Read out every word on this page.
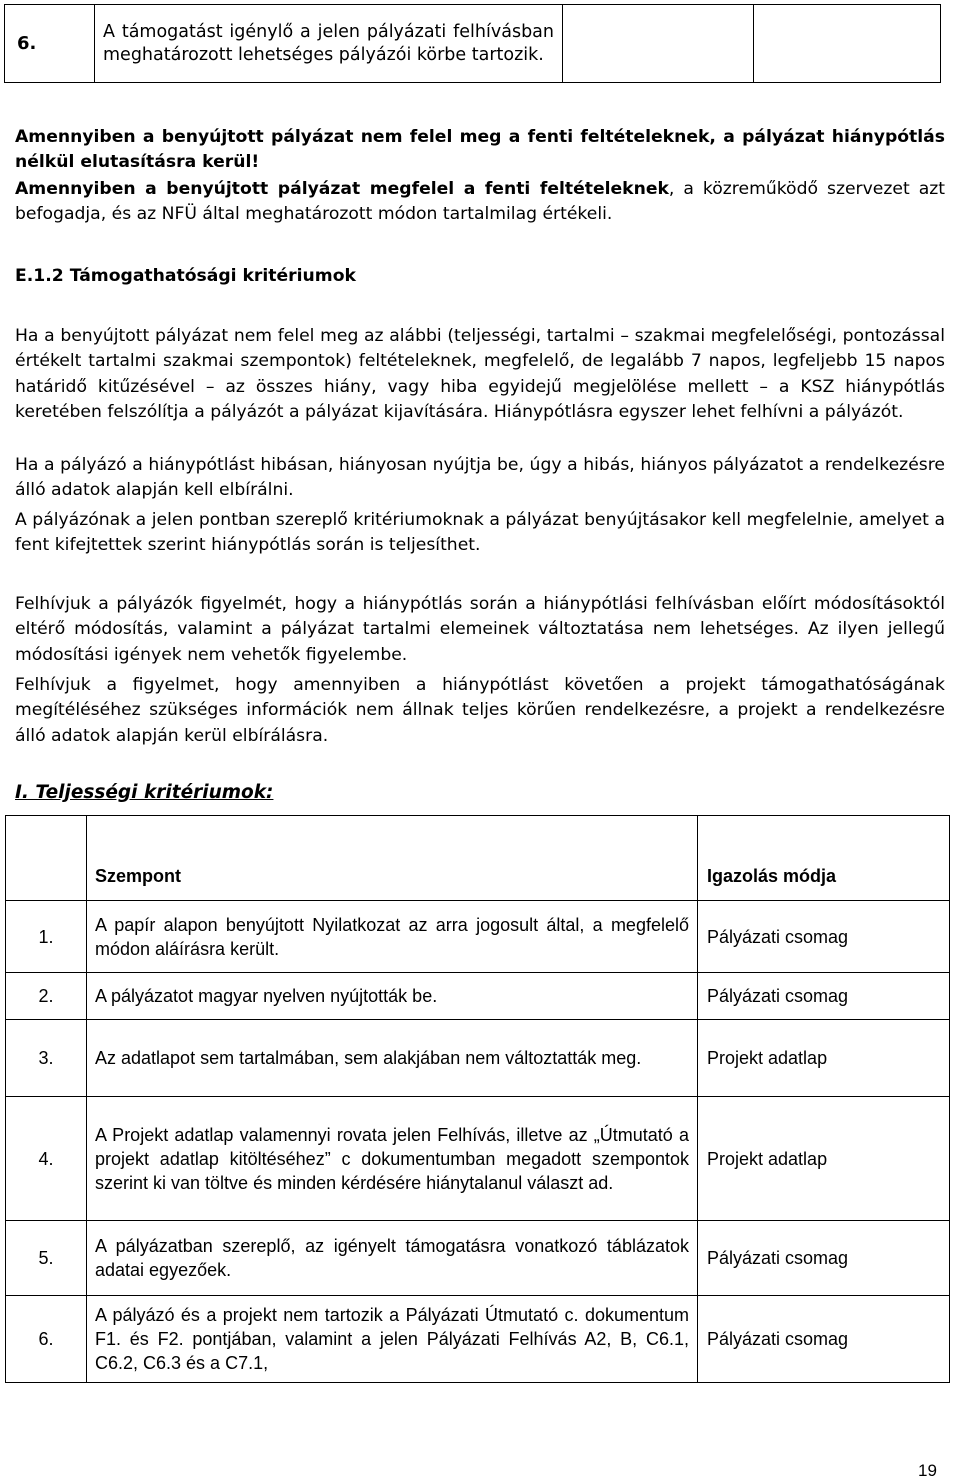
6.	A támogatást igénylő a jelen pályázati felhívásban meghatározott lehetséges pályázói körbe tartozik.		

Amennyiben a benyújtott pályázat nem felel meg a fenti feltételeknek, a pályázat hiánypótlás nélkül elutasításra kerül!

Amennyiben a benyújtott pályázat megfelel a fenti feltételeknek, a közreműködő szervezet azt befogadja, és az NFÜ által meghatározott módon tartalmilag értékeli.

E.1.2 Támogathatósági kritériumok

Ha a benyújtott pályázat nem felel meg az alábbi (teljességi, tartalmi – szakmai megfelelőségi, pontozással értékelt tartalmi szakmai szempontok) feltételeknek, megfelelő, de legalább 7 napos, legfeljebb 15 napos határidő kitűzésével – az összes hiány, vagy hiba egyidejű megjelölése mellett – a KSZ hiánypótlás keretében felszólítja a pályázót a pályázat kijavítására. Hiánypótlásra egyszer lehet felhívni a pályázót.

Ha a pályázó a hiánypótlást hibásan, hiányosan nyújtja be, úgy a hibás, hiányos pályázatot a rendelkezésre álló adatok alapján kell elbírálni.

A pályázónak a jelen pontban szereplő kritériumoknak a pályázat benyújtásakor kell megfelelnie, amelyet a fent kifejtettek szerint hiánypótlás során is teljesíthet.

Felhívjuk a pályázók figyelmét, hogy a hiánypótlás során a hiánypótlási felhívásban előírt módosításoktól eltérő módosítás, valamint a pályázat tartalmi elemeinek változtatása nem lehetséges. Az ilyen jellegű módosítási igények nem vehetők figyelembe.

Felhívjuk a figyelmet, hogy amennyiben a hiánypótlást követően a projekt támogathatóságának megítéléséhez szükséges információk nem állnak teljes körűen rendelkezésre, a projekt a rendelkezésre álló adatok alapján kerül elbírálásra.

I. Teljességi kritériumok:

	Szempont	Igazolás módja
1.	A papír alapon benyújtott Nyilatkozat az arra jogosult által, a megfelelő módon aláírásra került.	Pályázati csomag
2.	A pályázatot magyar nyelven nyújtották be.	Pályázati csomag
3.	Az adatlapot sem tartalmában, sem alakjában nem változtatták meg.	Projekt adatlap
4.	A Projekt adatlap valamennyi rovata jelen Felhívás, illetve az „Útmutató a projekt adatlap kitöltéséhez” c dokumentumban megadott szempontok szerint ki van töltve és minden kérdésére hiánytalanul választ ad.	Projekt adatlap
5.	A pályázatban szereplő, az igényelt támogatásra vonatkozó táblázatok adatai egyezőek.	Pályázati csomag
6.	A pályázó és a projekt nem tartozik a Pályázati Útmutató c. dokumentum F1. és F2. pontjában, valamint a jelen Pályázati Felhívás A2, B, C6.1, C6.2, C6.3 és a C7.1,	Pályázati csomag

19
